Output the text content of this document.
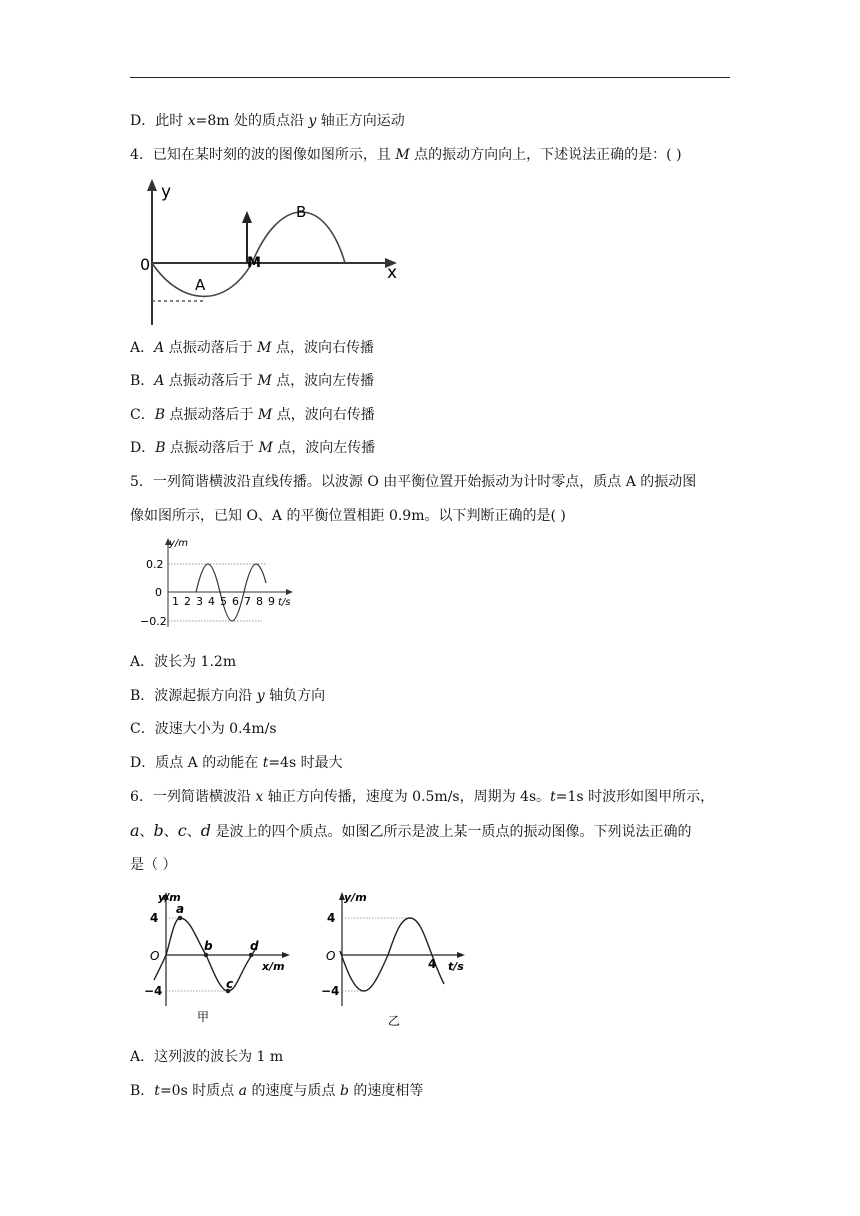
D．此时 x=8m 处的质点沿 y 轴正方向运动
4．已知在某时刻的波的图像如图所示，且 M 点的振动方向向上，下述说法正确的是：( )
y
0	x
A
B
M
A．A 点振动落后于 M 点，波向右传播
B．A 点振动落后于 M 点，波向左传播
C．B 点振动落后于 M 点，波向右传播
D．B 点振动落后于 M 点，波向左传播
5．一列简谐横波沿直线传播。以波源 O 由平衡位置开始振动为计时零点，质点 A 的振动图
像如图所示，已知 O、A 的平衡位置相距 0.9m。以下判断正确的是( )
y/m
0.2
0
−0.2
t/s
1 2 3 4 5 6 7 8 9
A．波长为 1.2m
B．波源起振方向沿 y 轴负方向
C．波速大小为 0.4m/s
D．质点 A 的动能在 t=4s 时最大
6．一列简谐横波沿 x 轴正方向传播，速度为 0.5m/s，周期为 4s。t=1s 时波形如图甲所示，
a、b、c、d 是波上的四个质点。如图乙所示是波上某一质点的振动图像。下列说法正确的
是（ ）
y/m
4
O
−4
x/m
a
b
c
d
甲
y/m
4
O
−4
4 t/s
乙
A．这列波的波长为 1 m
B．t=0s 时质点 a 的速度与质点 b 的速度相等
